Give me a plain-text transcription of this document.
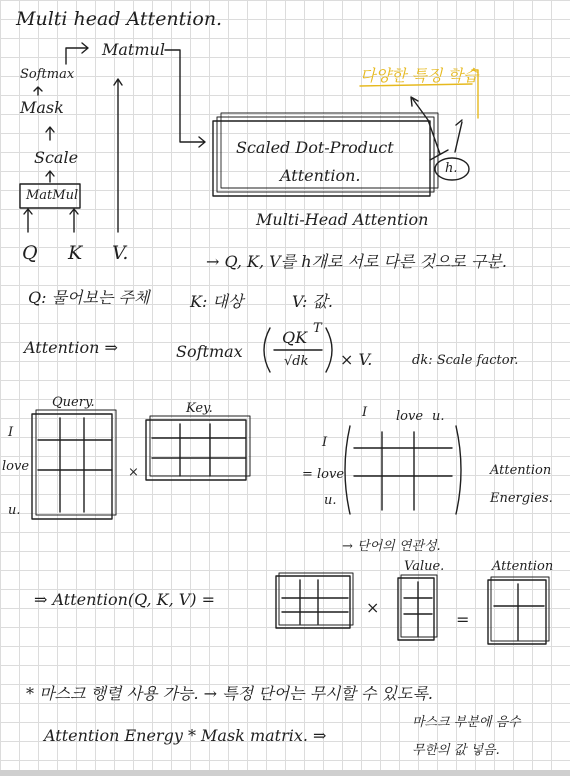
Multi head Attention.
Matmul
Softmax
Mask
Scale
MatMul
Q K V.
Scaled Dot-Product
Attention.	h.
다양한 특징 학습
Multi-Head Attention
→ Q, K, V를 h개로 서로 다른 것으로 구분.
Q: 물어보는 주체	K: 대상	V: 값.
Attention ⇒	Softmax
QK T
√dk × V.	dk: Scale factor.
Query.	Key.
I
love
u.
×
I love u.
I
= love
u.
Attention
Energies.
→ 단어의 연관성.
⇒ Attention(Q, K, V) =
Value.	Attention
×
=
* 마스크 행렬 사용 가능. → 특정 단어는 무시할 수 있도록.
Attention Energy * Mask matrix. ⇒
마스크 부분에 음수
무한의 값 넣음.
